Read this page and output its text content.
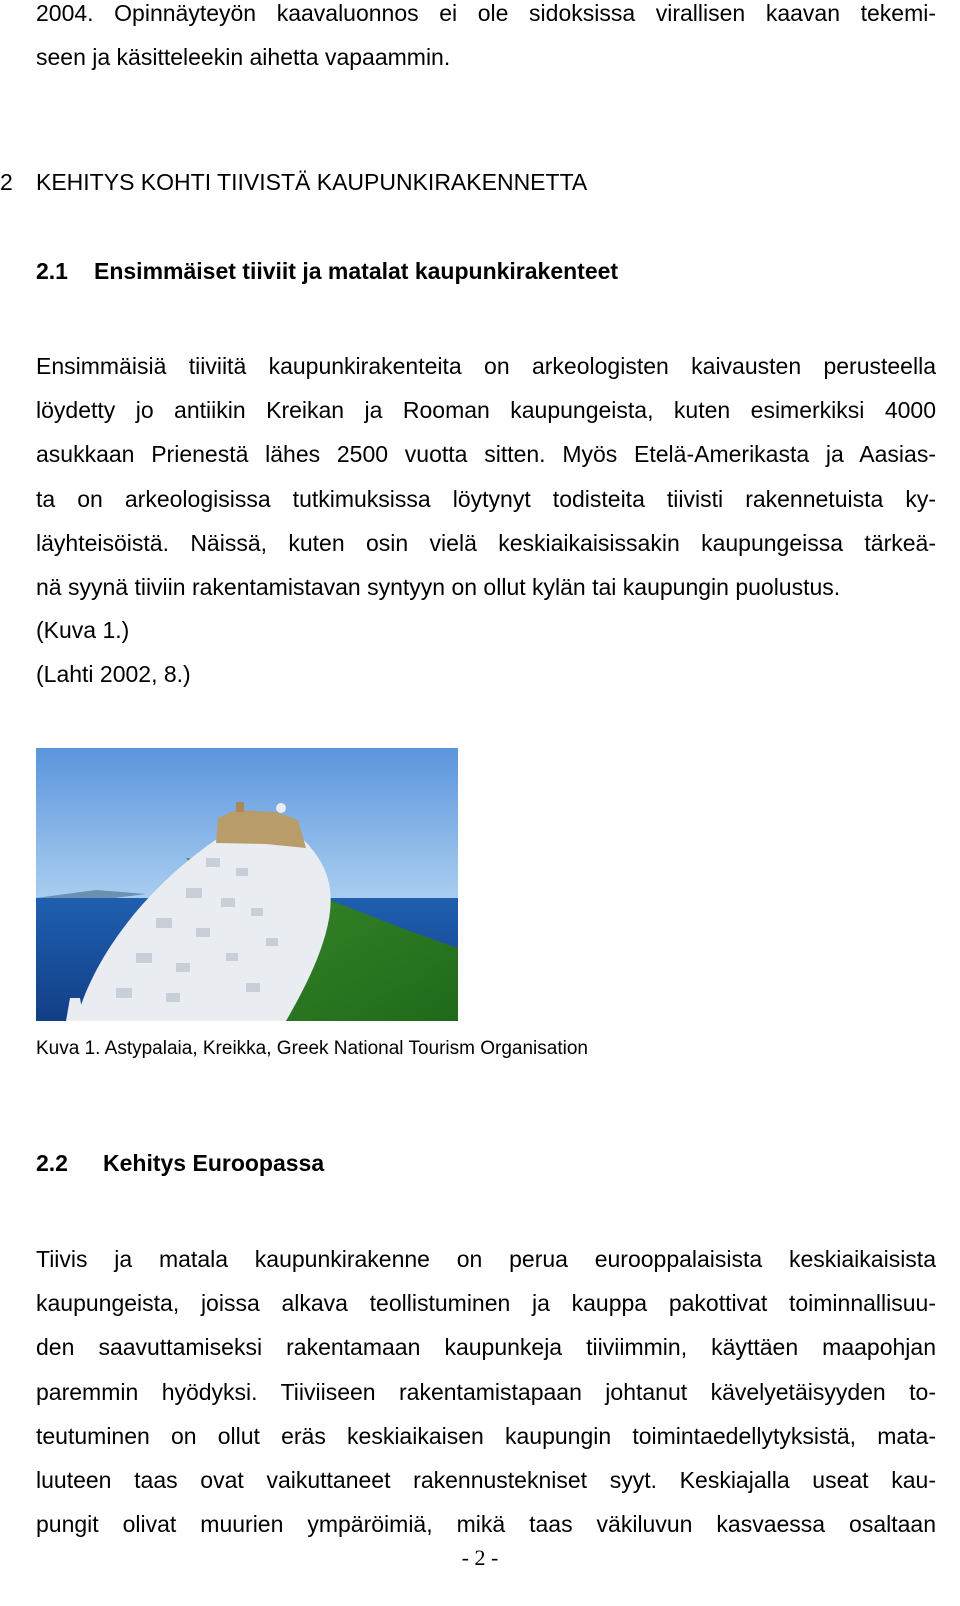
2004. Opinnäyteyön kaavaluonnos ei ole sidoksissa virallisen kaavan tekemi-
seen ja käsitteleekin aihetta vapaammin.
2 KEHITYS KOHTI TIIVISTÄ KAUPUNKIRAKENNETTA
2.1 Ensimmäiset tiiviit ja matalat kaupunkirakenteet
Ensimmäisiä tiiviitä kaupunkirakenteita on arkeologisten kaivausten perusteella
löydetty jo antiikin Kreikan ja Rooman kaupungeista, kuten esimerkiksi 4000
asukkaan Prienestä lähes 2500 vuotta sitten. Myös Etelä-Amerikasta ja Aasias-
ta on arkeologisissa tutkimuksissa löytynyt todisteita tiivisti rakennetuista ky-
läyhteisöistä. Näissä, kuten osin vielä keskiaikaisissakin kaupungeissa tärkeä-
nä syynä tiiviin rakentamistavan syntyyn on ollut kylän tai kaupungin puolustus.
(Kuva 1.)
(Lahti 2002, 8.)
Kuva 1. Astypalaia, Kreikka, Greek National Tourism Organisation
2.2 Kehitys Euroopassa
Tiivis ja matala kaupunkirakenne on perua eurooppalaisista keskiaikaisista
kaupungeista, joissa alkava teollistuminen ja kauppa pakottivat toiminnallisuu-
den saavuttamiseksi rakentamaan kaupunkeja tiiviimmin, käyttäen maapohjan
paremmin hyödyksi. Tiiviiseen rakentamistapaan johtanut kävelyetäisyyden to-
teutuminen on ollut eräs keskiaikaisen kaupungin toimintaedellytyksistä, mata-
luuteen taas ovat vaikuttaneet rakennustekniset syyt. Keskiajalla useat kau-
pungit olivat muurien ympäröimiä, mikä taas väkiluvun kasvaessa osaltaan
- 2 -
